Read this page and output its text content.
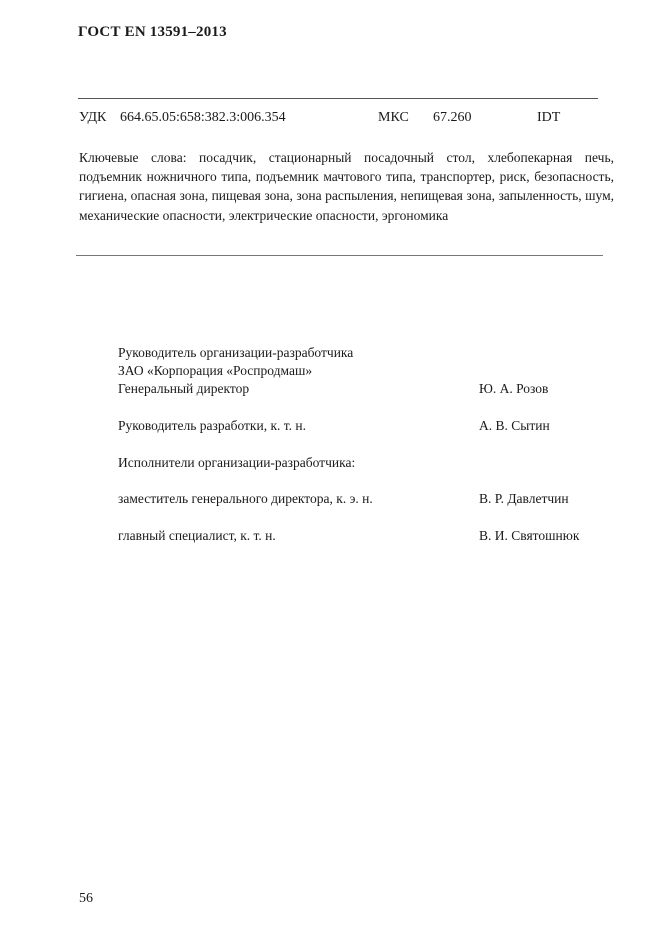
ГОСТ EN 13591–2013
УДК 664.65.05:658:382.3:006.354	МКС 67.260	IDT
Ключевые слова: посадчик, стационарный посадочный стол, хлебопекарная печь, подъемник ножничного типа, подъемник мачтового типа, транспортер, риск, безопасность, гигиена, опасная зона, пищевая зона, зона распыления, непищевая зона, запыленность, шум, механические опасности, электрические опасности, эргономика
Руководитель организации-разработчика
ЗАО «Корпорация «Роспродмаш»
Генеральный директор	Ю. А. Розов
Руководитель разработки, к. т. н.	А. В. Сытин
Исполнители организации-разработчика:
заместитель генерального директора, к. э. н.	В. Р. Давлетчин
главный специалист, к. т. н.	В. И. Святошнюк
56
